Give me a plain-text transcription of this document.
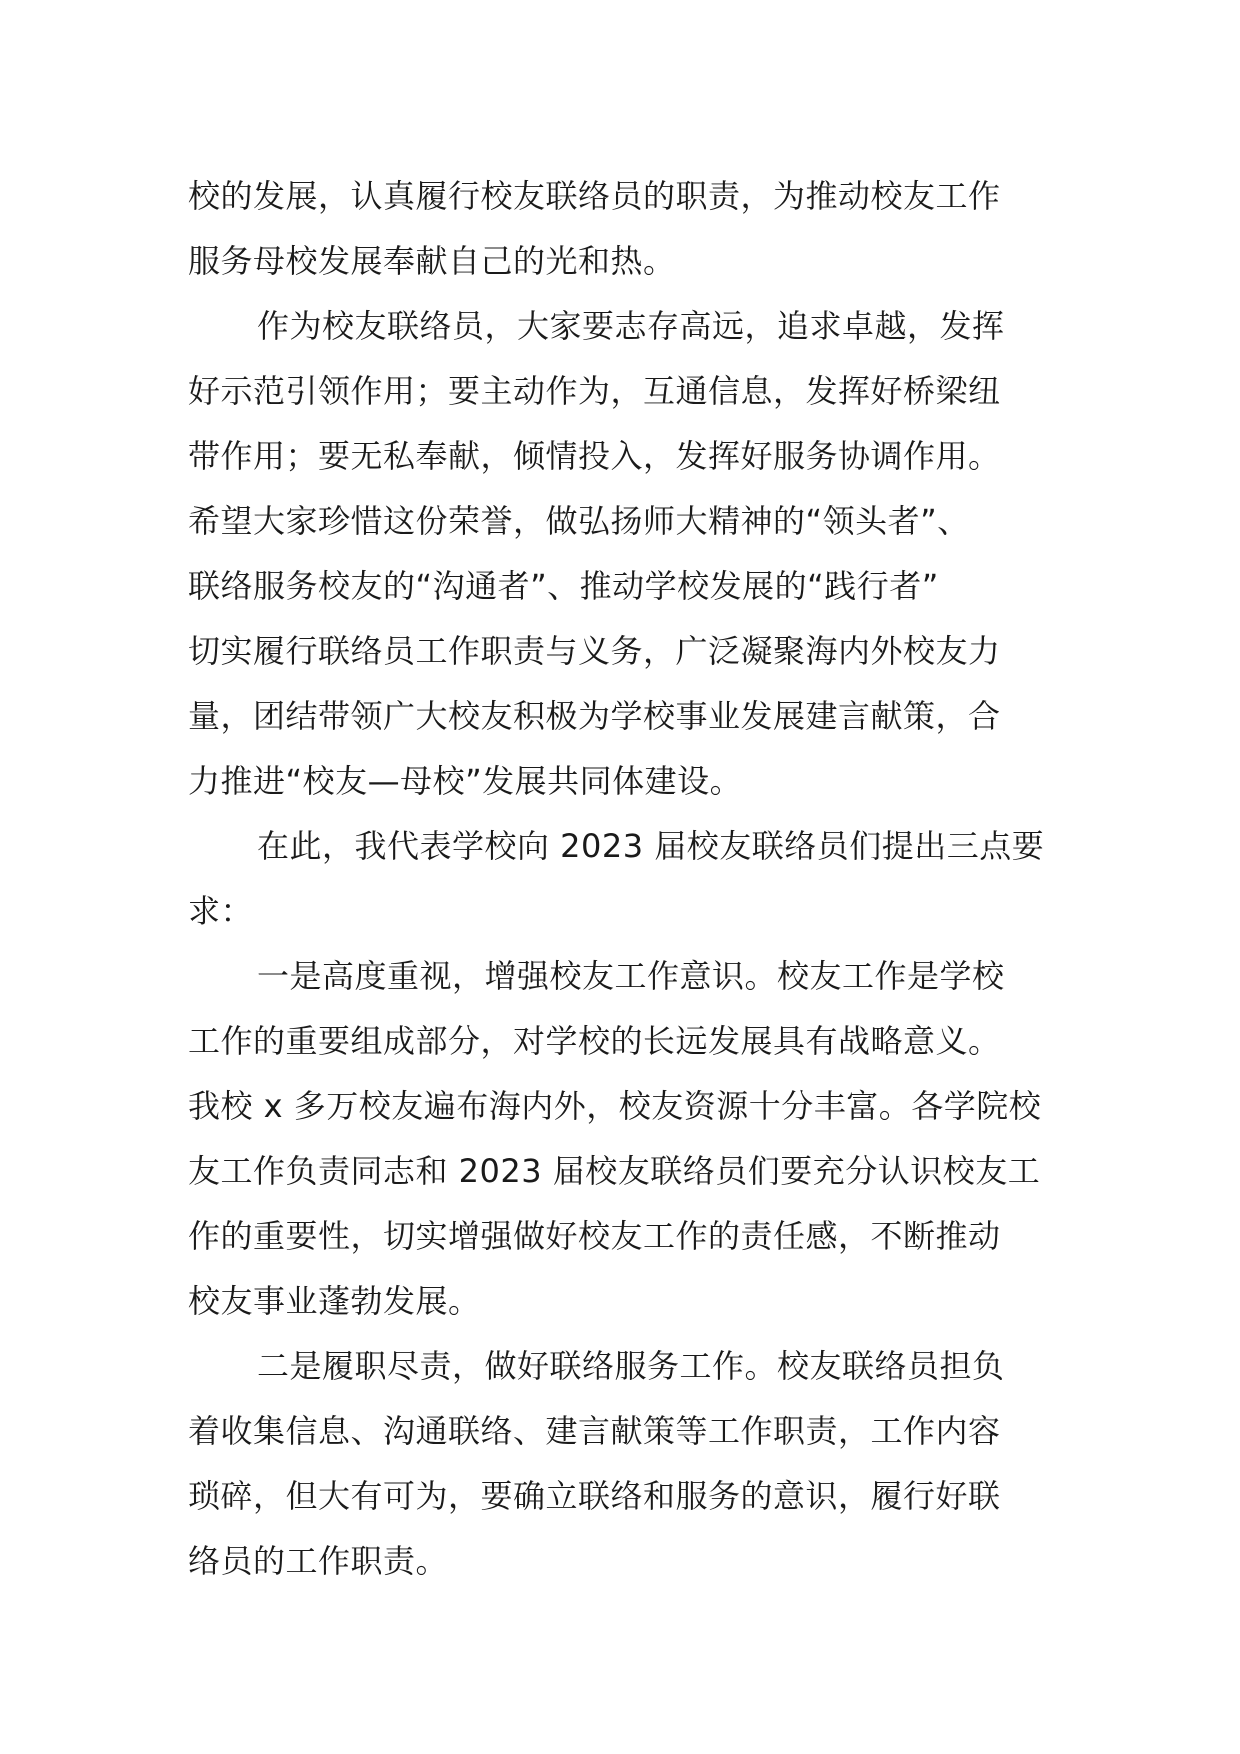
校的发展，认真履行校友联络员的职责，为推动校友工作
服务母校发展奉献自己的光和热。
作为校友联络员，大家要志存高远，追求卓越，发挥
好示范引领作用；要主动作为，互通信息，发挥好桥梁纽
带作用；要无私奉献，倾情投入，发挥好服务协调作用。
希望大家珍惜这份荣誉，做弘扬师大精神的“领头者”、
联络服务校友的“沟通者”、推动学校发展的“践行者”
切实履行联络员工作职责与义务，广泛凝聚海内外校友力
量，团结带领广大校友积极为学校事业发展建言献策，合
力推进“校友—母校”发展共同体建设。
在此，我代表学校向 2023 届校友联络员们提出三点要
求：
一是高度重视，增强校友工作意识。校友工作是学校
工作的重要组成部分，对学校的长远发展具有战略意义。
我校 x 多万校友遍布海内外，校友资源十分丰富。各学院校
友工作负责同志和 2023 届校友联络员们要充分认识校友工
作的重要性，切实增强做好校友工作的责任感，不断推动
校友事业蓬勃发展。
二是履职尽责，做好联络服务工作。校友联络员担负
着收集信息、沟通联络、建言献策等工作职责，工作内容
琐碎，但大有可为，要确立联络和服务的意识，履行好联
络员的工作职责。
